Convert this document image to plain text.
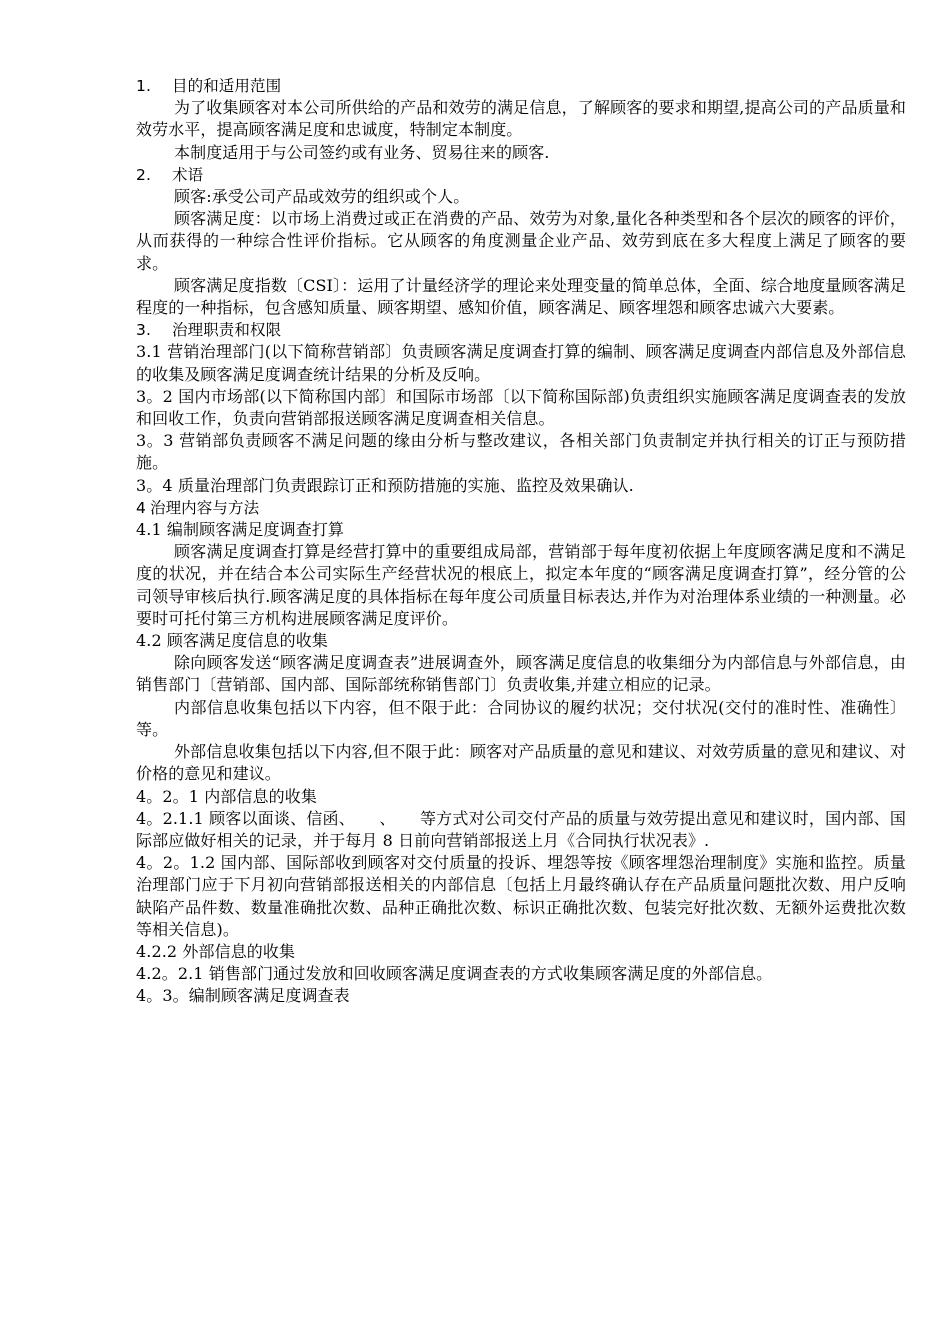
1. 目的和适用范围
为了收集顾客对本公司所供给的产品和效劳的满足信息，了解顾客的要求和期望,提高公司的产品质量和效劳水平，提高顾客满足度和忠诚度，特制定本制度。
本制度适用于与公司签约或有业务、贸易往来的顾客.
2. 术语
顾客:承受公司产品或效劳的组织或个人。
顾客满足度：以市场上消费过或正在消费的产品、效劳为对象,量化各种类型和各个层次的顾客的评价，从而获得的一种综合性评价指标。它从顾客的角度测量企业产品、效劳到底在多大程度上满足了顾客的要求。
顾客满足度指数〔CSI〕：运用了计量经济学的理论来处理变量的简单总体，全面、综合地度量顾客满足程度的一种指标，包含感知质量、顾客期望、感知价值，顾客满足、顾客埋怨和顾客忠诚六大要素。
3. 治理职责和权限
3.1 营销治理部门(以下简称营销部〕负责顾客满足度调查打算的编制、顾客满足度调查内部信息及外部信息的收集及顾客满足度调查统计结果的分析及反响。
3。2 国内市场部(以下简称国内部〕和国际市场部〔以下简称国际部)负责组织实施顾客满足度调查表的发放和回收工作，负责向营销部报送顾客满足度调查相关信息。
3。3 营销部负责顾客不满足问题的缘由分析与整改建议，各相关部门负责制定并执行相关的订正与预防措施。
3。4 质量治理部门负责跟踪订正和预防措施的实施、监控及效果确认.
4 治理内容与方法
4.1 编制顾客满足度调查打算
顾客满足度调查打算是经营打算中的重要组成局部，营销部于每年度初依据上年度顾客满足度和不满足度的状况，并在结合本公司实际生产经营状况的根底上，拟定本年度的“顾客满足度调查打算”，经分管的公司领导审核后执行.顾客满足度的具体指标在每年度公司质量目标表达,并作为对治理体系业绩的一种测量。必要时可托付第三方机构进展顾客满足度评价。
4.2 顾客满足度信息的收集
除向顾客发送“顾客满足度调查表”进展调查外，顾客满足度信息的收集细分为内部信息与外部信息，由销售部门〔营销部、国内部、国际部统称销售部门〕负责收集,并建立相应的记录。
内部信息收集包括以下内容，但不限于此：合同协议的履约状况；交付状况(交付的准时性、准确性〕等。
外部信息收集包括以下内容,但不限于此：顾客对产品质量的意见和建议、对效劳质量的意见和建议、对价格的意见和建议。
4。2。1 内部信息的收集
4。2.1.1 顾客以面谈、信函、　　、　　等方式对公司交付产品的质量与效劳提出意见和建议时，国内部、国际部应做好相关的记录，并于每月 8 日前向营销部报送上月《合同执行状况表》.
4。2。1.2 国内部、国际部收到顾客对交付质量的投诉、埋怨等按《顾客埋怨治理制度》实施和监控。质量治理部门应于下月初向营销部报送相关的内部信息〔包括上月最终确认存在产品质量问题批次数、用户反响缺陷产品件数、数量准确批次数、品种正确批次数、标识正确批次数、包装完好批次数、无额外运费批次数等相关信息)。
4.2.2 外部信息的收集
4.2。2.1 销售部门通过发放和回收顾客满足度调查表的方式收集顾客满足度的外部信息。
4。3。编制顾客满足度调查表
